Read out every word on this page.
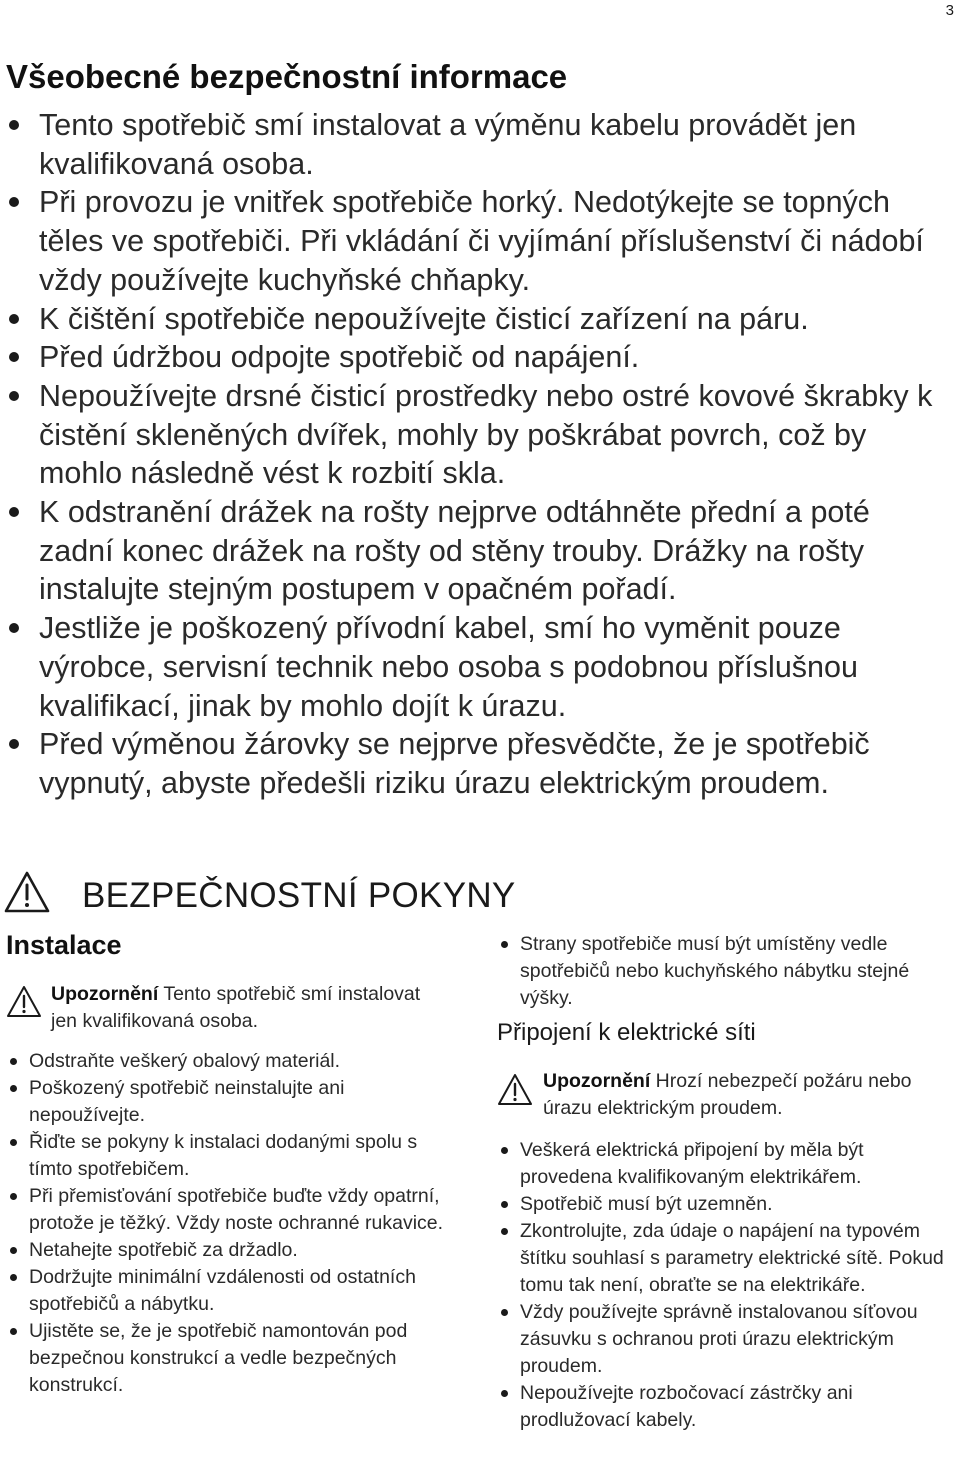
3
Všeobecné bezpečnostní informace
Tento spotřebič smí instalovat a výměnu kabelu provádět jen kvalifikovaná osoba.
Při provozu je vnitřek spotřebiče horký. Nedotýkejte se topných těles ve spotřebiči. Při vkládání či vyjímání příslušenství či nádobí vždy používejte kuchyňské chňapky.
K čištění spotřebiče nepoužívejte čisticí zařízení na páru.
Před údržbou odpojte spotřebič od napájení.
Nepoužívejte drsné čisticí prostředky nebo ostré kovové škrabky k čistění skleněných dvířek, mohly by poškrábat povrch, což by mohlo následně vést k rozbití skla.
K odstranění drážek na rošty nejprve odtáhněte přední a poté zadní konec drážek na rošty od stěny trouby. Drážky na rošty instalujte stejným postupem v opačném pořadí.
Jestliže je poškozený přívodní kabel, smí ho vyměnit pouze výrobce, servisní technik nebo osoba s podobnou příslušnou kvalifikací, jinak by mohlo dojít k úrazu.
Před výměnou žárovky se nejprve přesvědčte, že je spotřebič vypnutý, abyste předešli riziku úrazu elektrickým proudem.
BEZPEČNOSTNÍ POKYNY
Instalace
Upozornění Tento spotřebič smí instalovat jen kvalifikovaná osoba.
Odstraňte veškerý obalový materiál.
Poškozený spotřebič neinstalujte ani nepoužívejte.
Řiďte se pokyny k instalaci dodanými spolu s tímto spotřebičem.
Při přemisťování spotřebiče buďte vždy opatrní, protože je těžký. Vždy noste ochranné rukavice.
Netahejte spotřebič za držadlo.
Dodržujte minimální vzdálenosti od ostatních spotřebičů a nábytku.
Ujistěte se, že je spotřebič namontován pod bezpečnou konstrukcí a vedle bezpečných konstrukcí.
Strany spotřebiče musí být umístěny vedle spotřebičů nebo kuchyňského nábytku stejné výšky.
Připojení k elektrické síti
Upozornění Hrozí nebezpečí požáru nebo úrazu elektrickým proudem.
Veškerá elektrická připojení by měla být provedena kvalifikovaným elektrikářem.
Spotřebič musí být uzemněn.
Zkontrolujte, zda údaje o napájení na typovém štítku souhlasí s parametry elektrické sítě. Pokud tomu tak není, obraťte se na elektrikáře.
Vždy používejte správně instalovanou síťovou zásuvku s ochranou proti úrazu elektrickým proudem.
Nepoužívejte rozbočovací zástrčky ani prodlužovací kabely.
